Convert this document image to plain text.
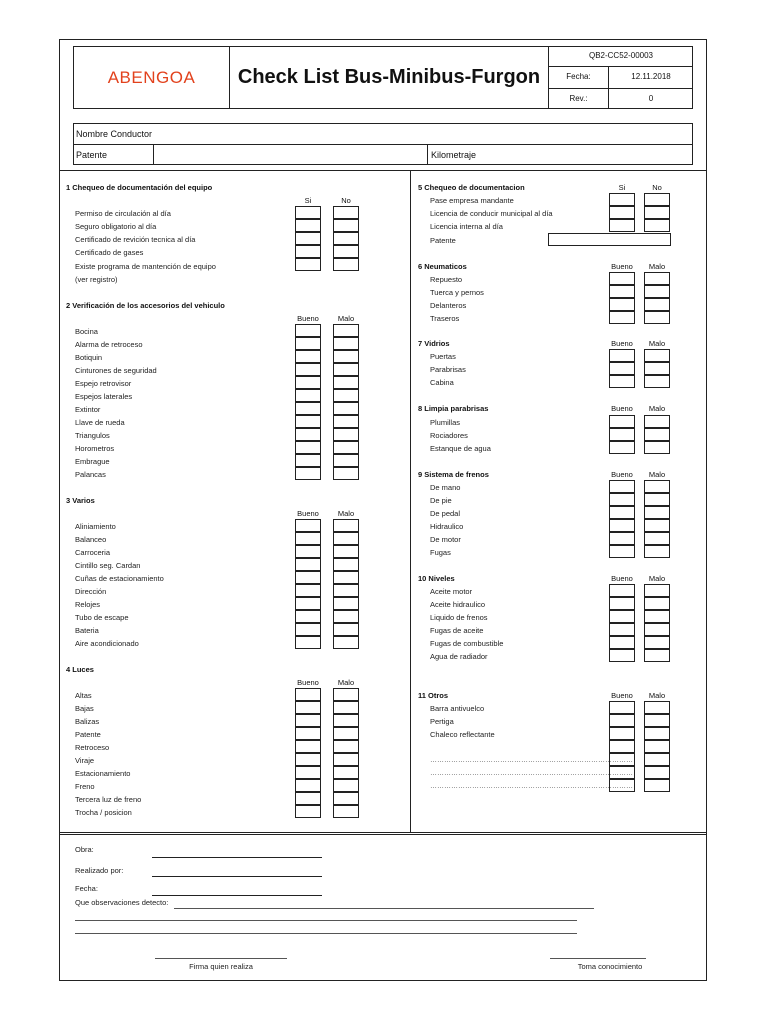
ABENGOA	Check List Bus-Minibus-Furgon
QB2-CC52-00003
Fecha:	12.11.2018
Rev.:	0
Nombre Conductor
Patente	Kilometraje
1 Chequeo de documentación del equipo
Si	No
Permiso de circulación al día
Seguro obligatorio al día
Certificado de revición tecnica al día
Certificado de gases
Existe programa de mantención de equipo
(ver registro)
2 Verificación de los accesorios del vehiculo
Bueno	Malo
Bocina
Alarma de retroceso
Botiquin
Cinturones de seguridad
Espejo retrovisor
Espejos laterales
Extintor
Llave de rueda
Triangulos
Horometros
Embrague
Palancas
3 Varios
Bueno	Malo
Aliniamiento
Balanceo
Carroceria
Cintillo seg. Cardan
Cuñas de estacionamiento
Dirección
Relojes
Tubo de escape
Bateria
Aire acondicionado
4 Luces
Bueno	Malo
Altas
Bajas
Balizas
Patente
Retroceso
Viraje
Estacionamiento
Freno
Tercera luz de freno
Trocha / posicion
5 Chequeo de documentacion	Si	No
Pase empresa mandante
Licencia de conducir municipal al día
Licencia interna al día
Patente
6 Neumaticos	Bueno	Malo
Repuesto
Tuerca y pernos
Delanteros
Traseros
7 Vidrios	Bueno	Malo
Puertas
Parabrisas
Cabina
8 Limpia parabrisas	Bueno	Malo
Plumillas
Rociadores
Estanque de agua
9 Sistema de frenos	Bueno	Malo
De mano
De pie
De pedal
Hidraulico
De motor
Fugas
10 Niveles	Bueno	Malo
Aceite motor
Aceite hidraulico
Liquido de frenos
Fugas de aceite
Fugas de combustible
Agua de radiador
11 Otros	Bueno	Malo
Barra antivuelco
Pertiga
Chaleco reflectante
……………………………………………………………………………
……………………………………………………………………………
……………………………………………………………………………
Obra:
Realizado por:
Fecha:
Que observaciones detecto:
Firma quien realiza	Toma conocimiento
